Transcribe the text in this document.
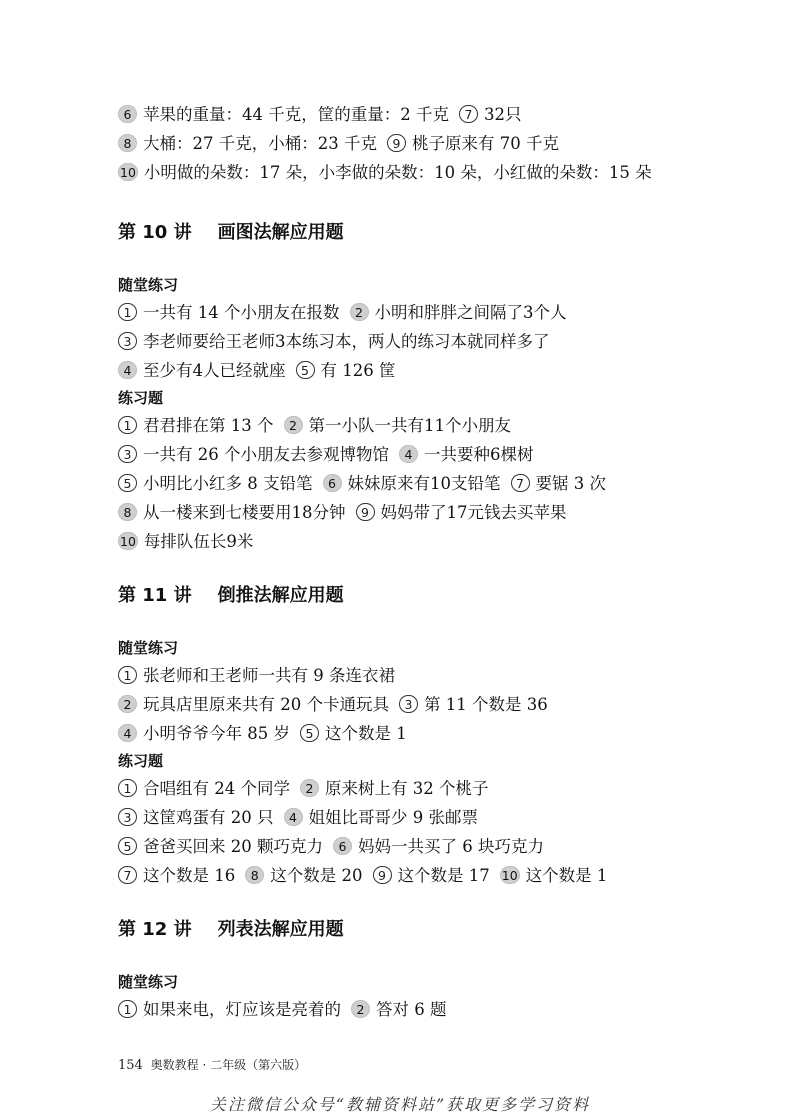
6 苹果的重量：44 千克，筐的重量：2 千克 7 32只
8 大桶：27 千克，小桶：23 千克 9 桃子原来有 70 千克
10 小明做的朵数：17 朵，小李做的朵数：10 朵，小红做的朵数：15 朵
第 10 讲 画图法解应用题
随堂练习
1 一共有 14 个小朋友在报数 2 小明和胖胖之间隔了3个人
3 李老师要给王老师3本练习本，两人的练习本就同样多了
4 至少有4人已经就座 5 有 126 筐
练习题
1 君君排在第 13 个 2 第一小队一共有11个小朋友
3 一共有 26 个小朋友去参观博物馆 4 一共要种6棵树
5 小明比小红多 8 支铅笔 6 妹妹原来有10支铅笔 7 要锯 3 次
8 从一楼来到七楼要用18分钟 9 妈妈带了17元钱去买苹果
10 每排队伍长9米
第 11 讲 倒推法解应用题
随堂练习
1 张老师和王老师一共有 9 条连衣裙
2 玩具店里原来共有 20 个卡通玩具 3 第 11 个数是 36
4 小明爷爷今年 85 岁 5 这个数是 1
练习题
1 合唱组有 24 个同学 2 原来树上有 32 个桃子
3 这筐鸡蛋有 20 只 4 姐姐比哥哥少 9 张邮票
5 爸爸买回来 20 颗巧克力 6 妈妈一共买了 6 块巧克力
7 这个数是 16 8 这个数是 20 9 这个数是 17 10 这个数是 1
第 12 讲 列表法解应用题
随堂练习
1 如果来电，灯应该是亮着的 2 答对 6 题
154 奥数教程 · 二年级（第六版）
关注微信公众号“教辅资料站”获取更多学习资料
